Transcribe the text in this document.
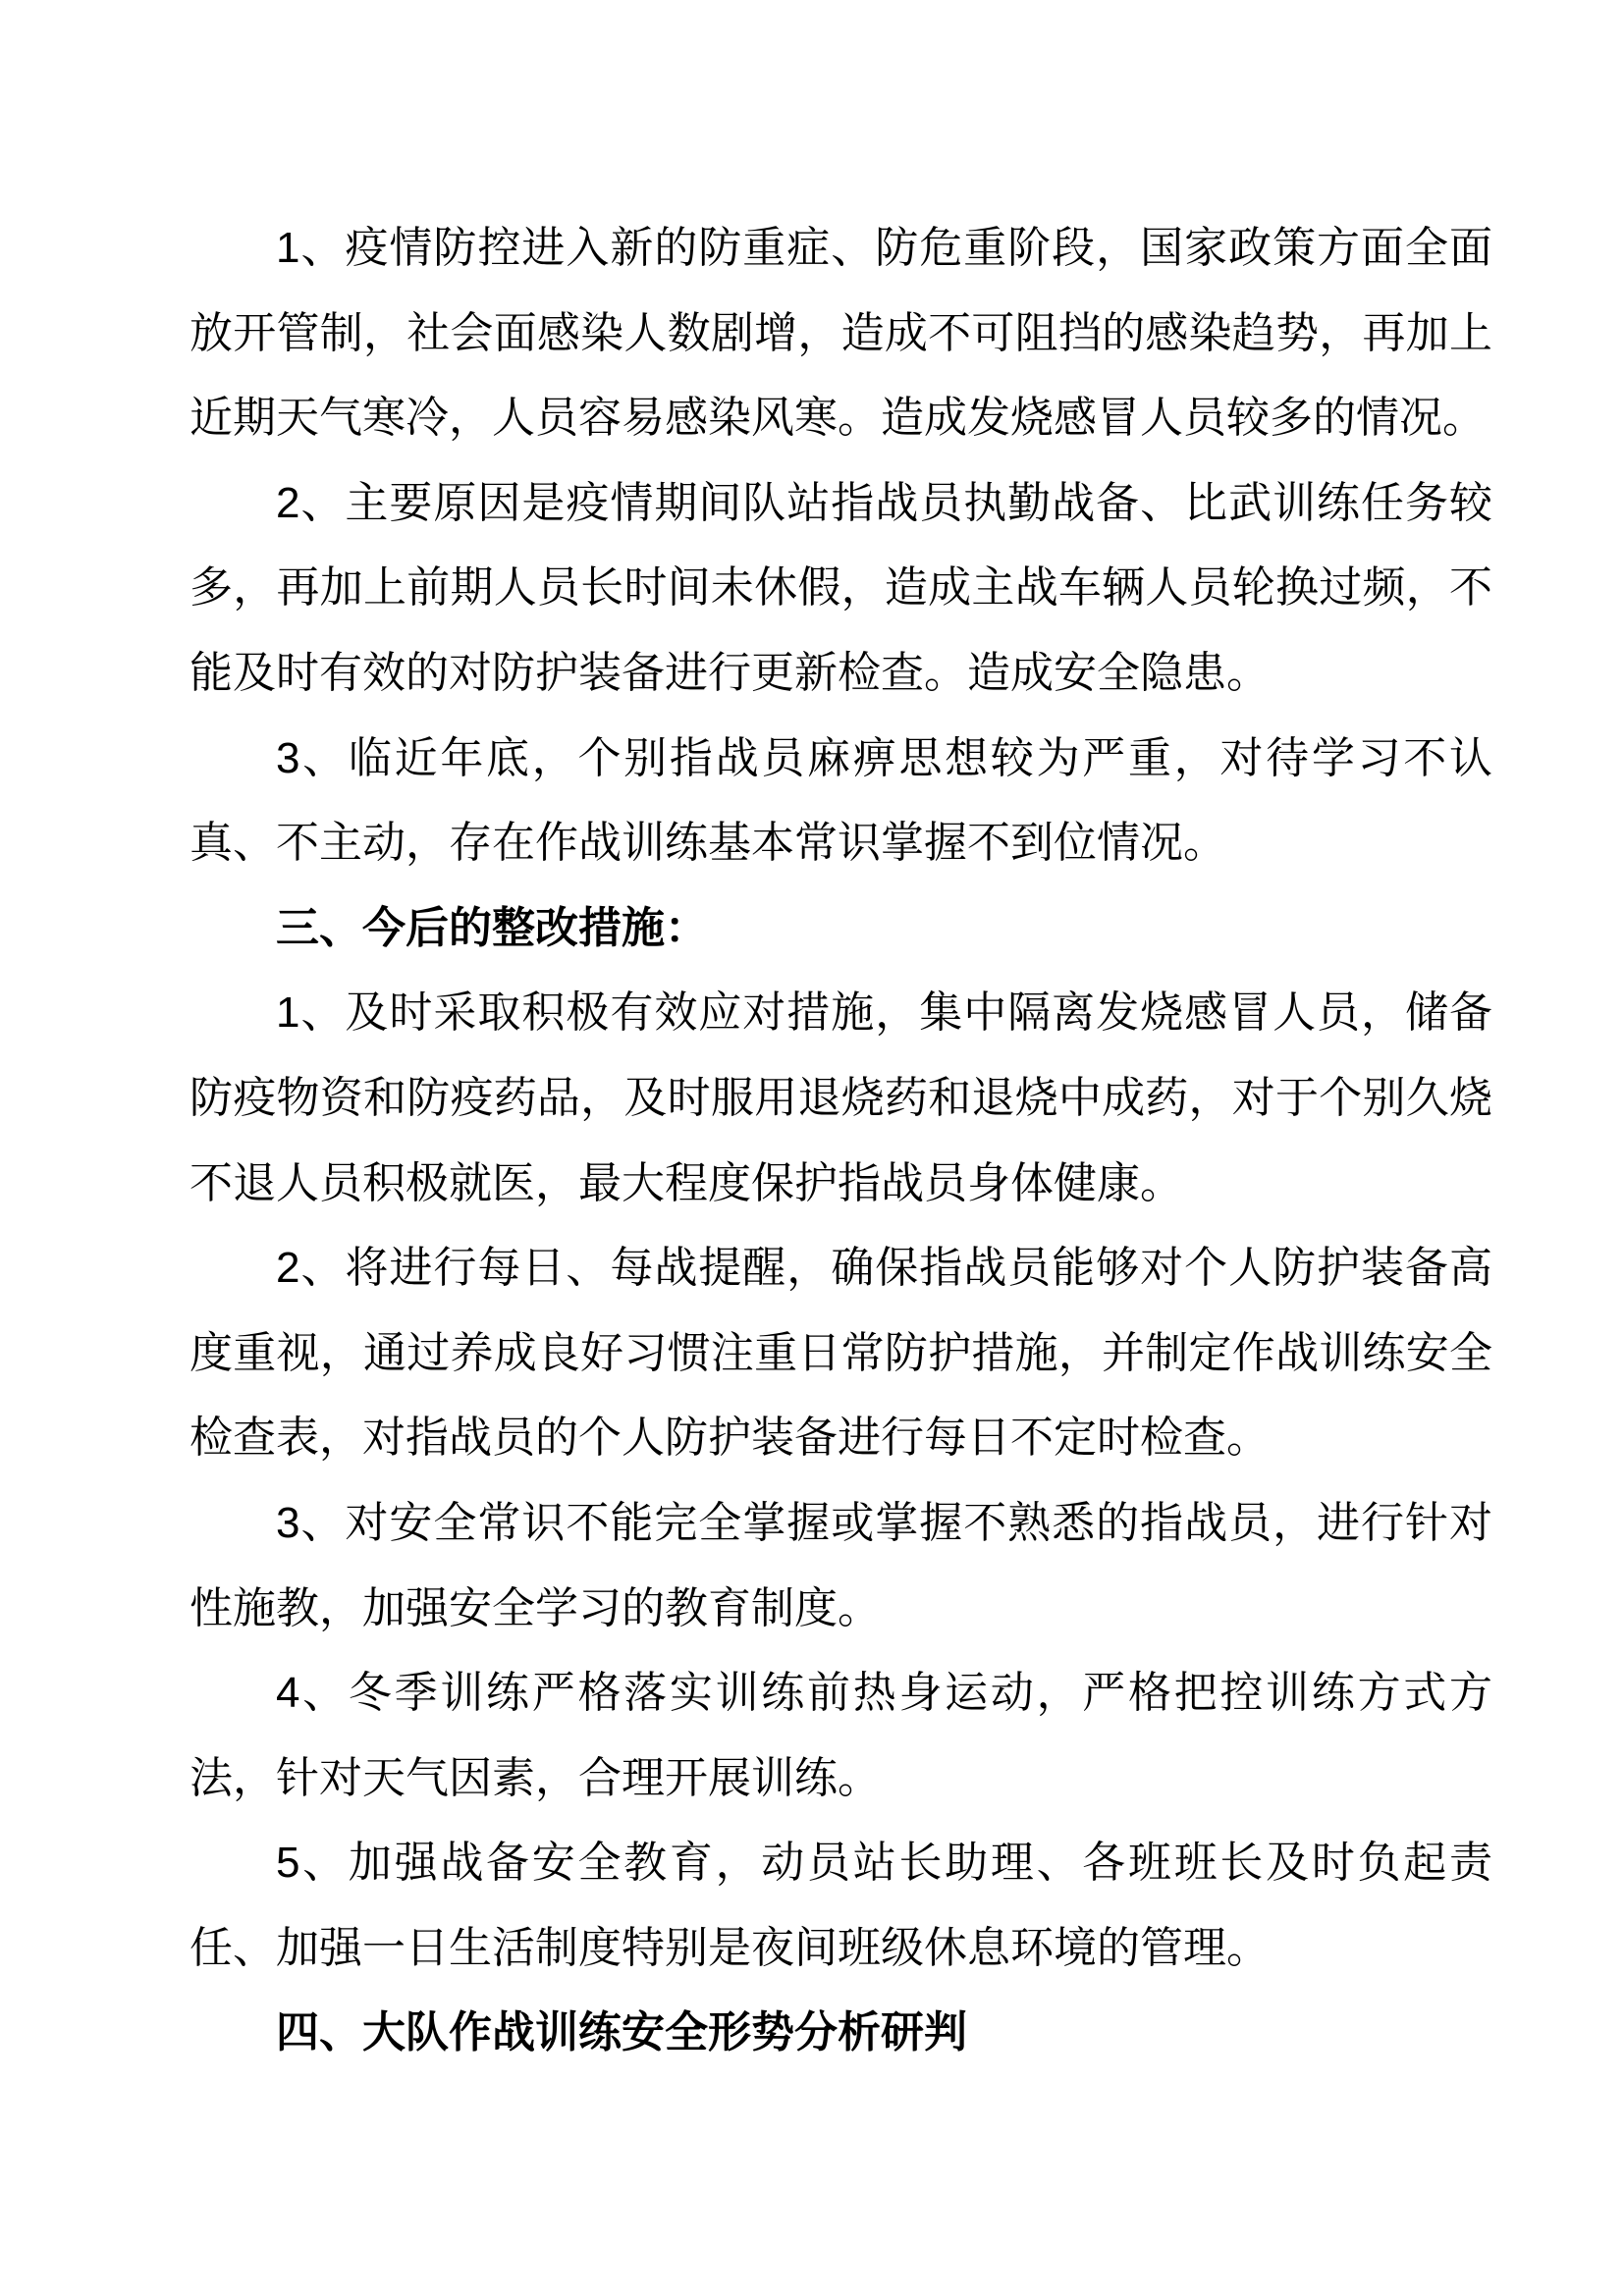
1、疫情防控进入新的防重症、防危重阶段，国家政策方面全面放开管制，社会面感染人数剧增，造成不可阻挡的感染趋势，再加上近期天气寒冷，人员容易感染风寒。造成发烧感冒人员较多的情况。

2、主要原因是疫情期间队站指战员执勤战备、比武训练任务较多，再加上前期人员长时间未休假，造成主战车辆人员轮换过频，不能及时有效的对防护装备进行更新检查。造成安全隐患。

3、临近年底，个别指战员麻痹思想较为严重，对待学习不认真、不主动，存在作战训练基本常识掌握不到位情况。

三、今后的整改措施：

1、及时采取积极有效应对措施，集中隔离发烧感冒人员，储备防疫物资和防疫药品，及时服用退烧药和退烧中成药，对于个别久烧不退人员积极就医，最大程度保护指战员身体健康。

2、将进行每日、每战提醒，确保指战员能够对个人防护装备高度重视，通过养成良好习惯注重日常防护措施，并制定作战训练安全检查表，对指战员的个人防护装备进行每日不定时检查。

3、对安全常识不能完全掌握或掌握不熟悉的指战员，进行针对性施教，加强安全学习的教育制度。

4、冬季训练严格落实训练前热身运动，严格把控训练方式方法，针对天气因素，合理开展训练。

5、加强战备安全教育，动员站长助理、各班班长及时负起责任、加强一日生活制度特别是夜间班级休息环境的管理。

四、大队作战训练安全形势分析研判
